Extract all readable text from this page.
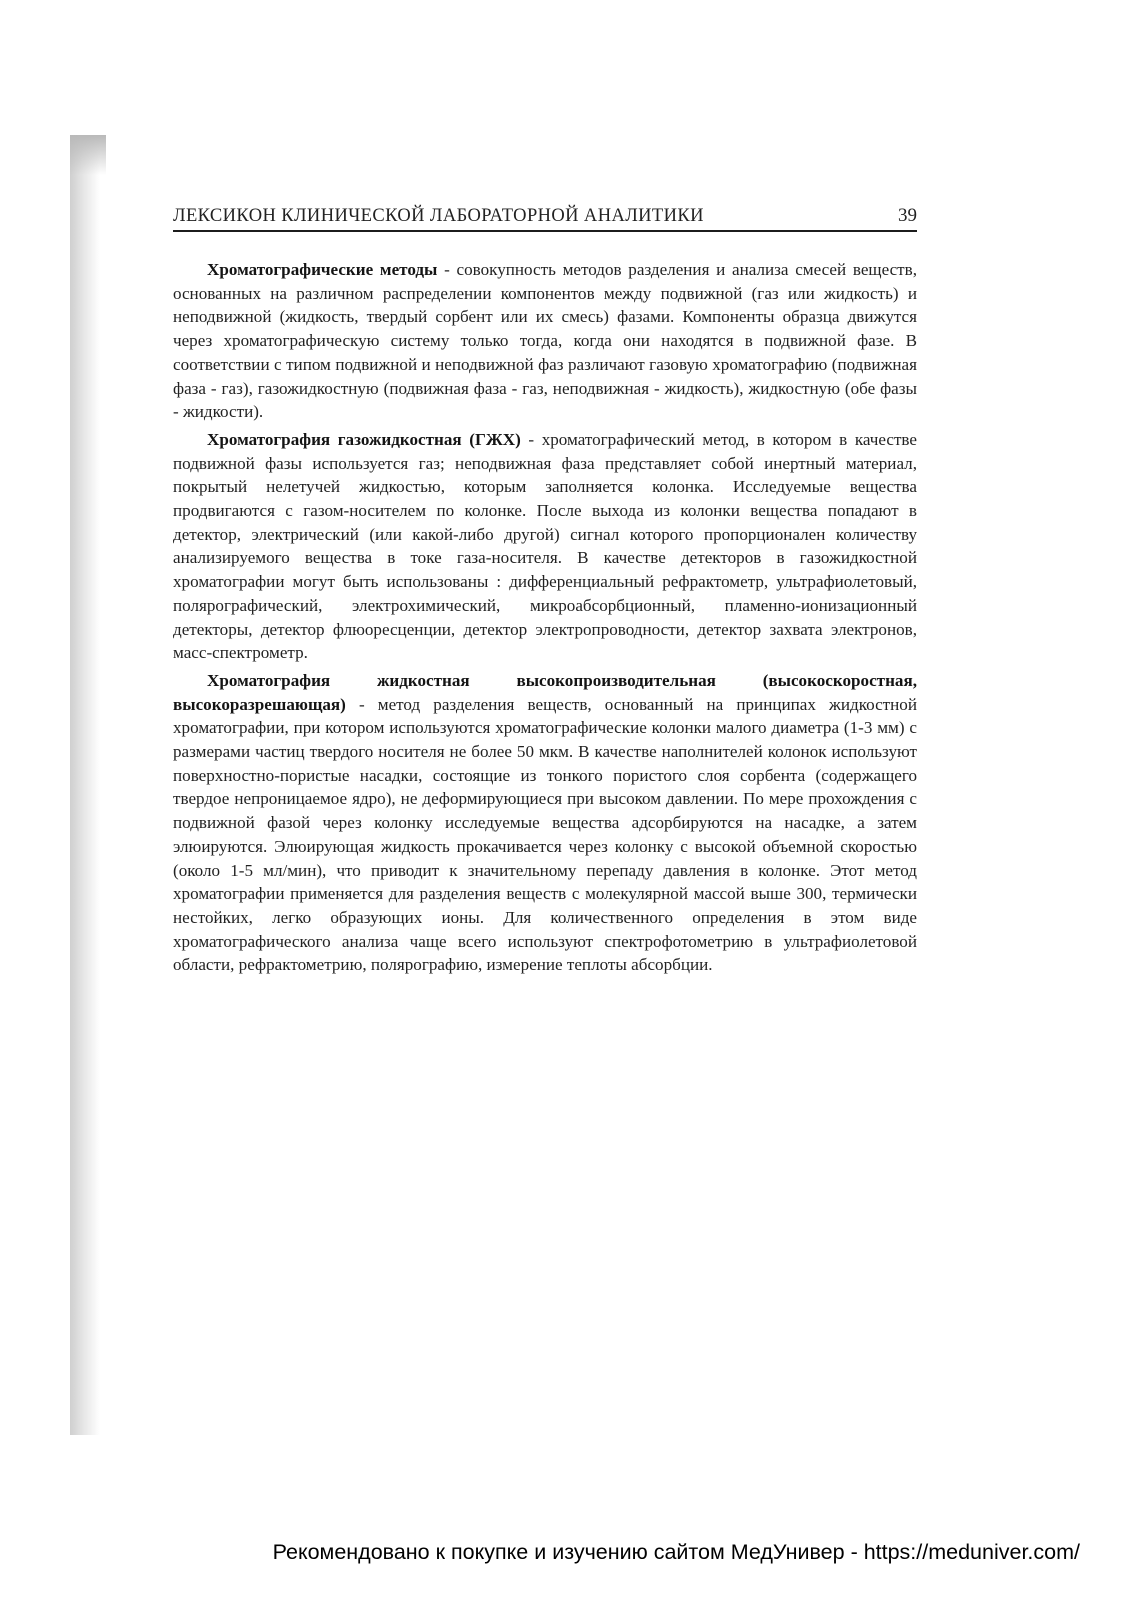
ЛЕКСИКОН КЛИНИЧЕСКОЙ ЛАБОРАТОРНОЙ АНАЛИТИКИ	39

Хроматографические методы - совокупность методов разделения и анализа смесей веществ, основанных на различном распределении компонентов между подвижной (газ или жидкость) и неподвижной (жидкость, твердый сорбент или их смесь) фазами. Компоненты образца движутся через хроматографическую систему только тогда, когда они находятся в подвижной фазе. В соответствии с типом подвижной и неподвижной фаз различают газовую хроматографию (подвижная фаза - газ), газожидкостную (подвижная фаза - газ, неподвижная - жидкость), жидкостную (обе фазы - жидкости).

Хроматография газожидкостная (ГЖХ) - хроматографический метод, в котором в качестве подвижной фазы используется газ; неподвижная фаза представляет собой инертный материал, покрытый нелетучей жидкостью, которым заполняется колонка. Исследуемые вещества продвигаются с газом-носителем по колонке. После выхода из колонки вещества попадают в детектор, электрический (или какой-либо другой) сигнал которого пропорционален количеству анализируемого вещества в токе газа-носителя. В качестве детекторов в газожидкостной хроматографии могут быть использованы : дифференциальный рефрактометр, ультрафиолетовый, полярографический, электрохимический, микроабсорбционный, пламенно-ионизационный детекторы, детектор флюоресценции, детектор электропроводности, детектор захвата электронов, масс-спектрометр.

Хроматография жидкостная высокопроизводительная (высокоскоростная, высокоразрешающая) - метод разделения веществ, основанный на принципах жидкостной хроматографии, при котором используются хроматографические колонки малого диаметра (1-3 мм) с размерами частиц твердого носителя не более 50 мкм. В качестве наполнителей колонок используют поверхностно-пористые насадки, состоящие из тонкого пористого слоя сорбента (содержащего твердое непроницаемое ядро), не деформирующиеся при высоком давлении. По мере прохождения с подвижной фазой через колонку исследуемые вещества адсорбируются на насадке, а затем элюируются. Элюирующая жидкость прокачивается через колонку с высокой объемной скоростью (около 1-5 мл/мин), что приводит к значительному перепаду давления в колонке. Этот метод хроматографии применяется для разделения веществ с молекулярной массой выше 300, термически нестойких, легко образующих ионы. Для количественного определения в этом виде хроматографического анализа чаще всего используют спектрофотометрию в ультрафиолетовой области, рефрактометрию, полярографию, измерение теплоты абсорбции.

Рекомендовано к покупке и изучению сайтом МедУнивер - https://meduniver.com/
